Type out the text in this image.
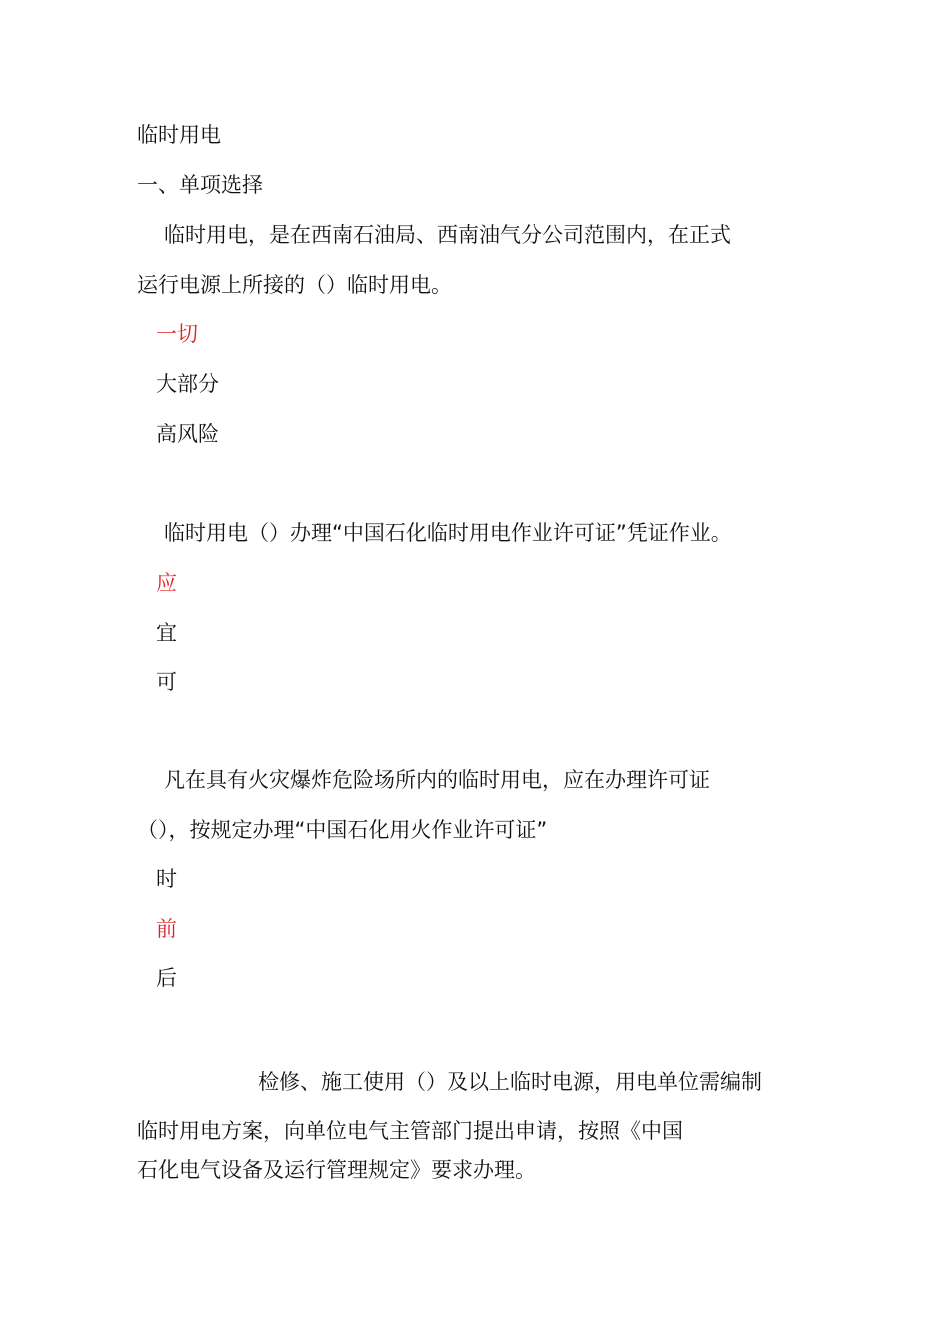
临时用电
一、单项选择
临时用电，是在西南石油局、西南油气分公司范围内，在正式
运行电源上所接的（）临时用电。
一切
大部分
高风险
临时用电（）办理“中国石化临时用电作业许可证”凭证作业。
应
宜
可
凡在具有火灾爆炸危险场所内的临时用电，应在办理许可证
（），按规定办理“中国石化用火作业许可证”
时
前
后
检修、施工使用（）及以上临时电源，用电单位需编制
临时用电方案，向单位电气主管部门提出申请，按照《中国
石化电气设备及运行管理规定》要求办理。
